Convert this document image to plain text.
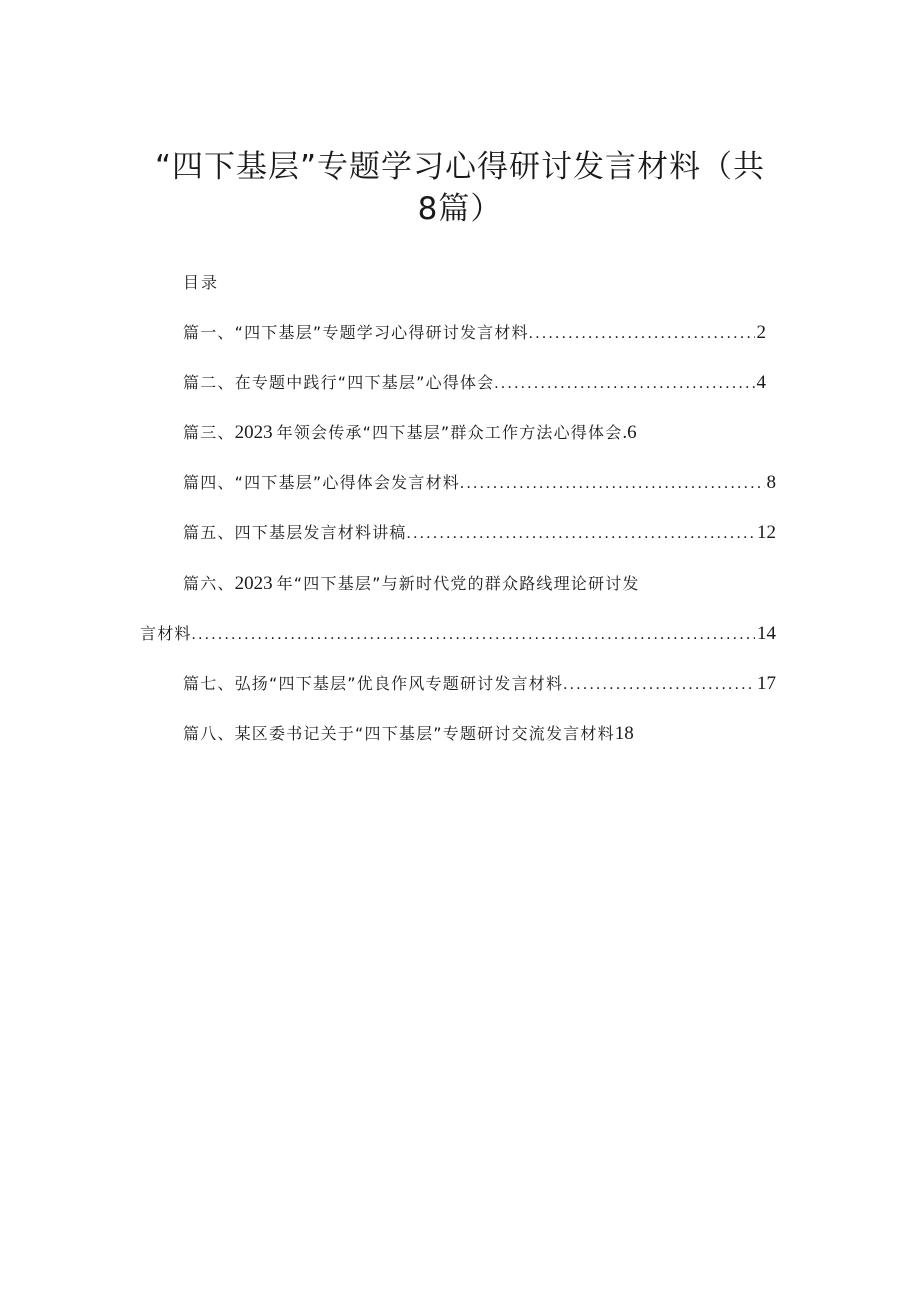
“四下基层”专题学习心得研讨发言材料（共
8篇）
目录
篇一、“四下基层”专题学习心得研讨发言材料 .....	2
篇二、在专题中践行“四下基层”心得体会 .....	4
篇三、 2023 年领会传承“四下基层”群众工作方法心得体会 .6
篇四、“四下基层”心得体会发言材料 .....	8
篇五、四下基层发言材料讲稿 .....	12
篇六、 2023 年“四下基层”与新时代党的群众路线理论研讨发
言材料 .....	14
篇七、弘扬“四下基层”优良作风专题研讨发言材料 .....	17
篇八、某区委书记关于“四下基层”专题研讨交流发言材料 18
